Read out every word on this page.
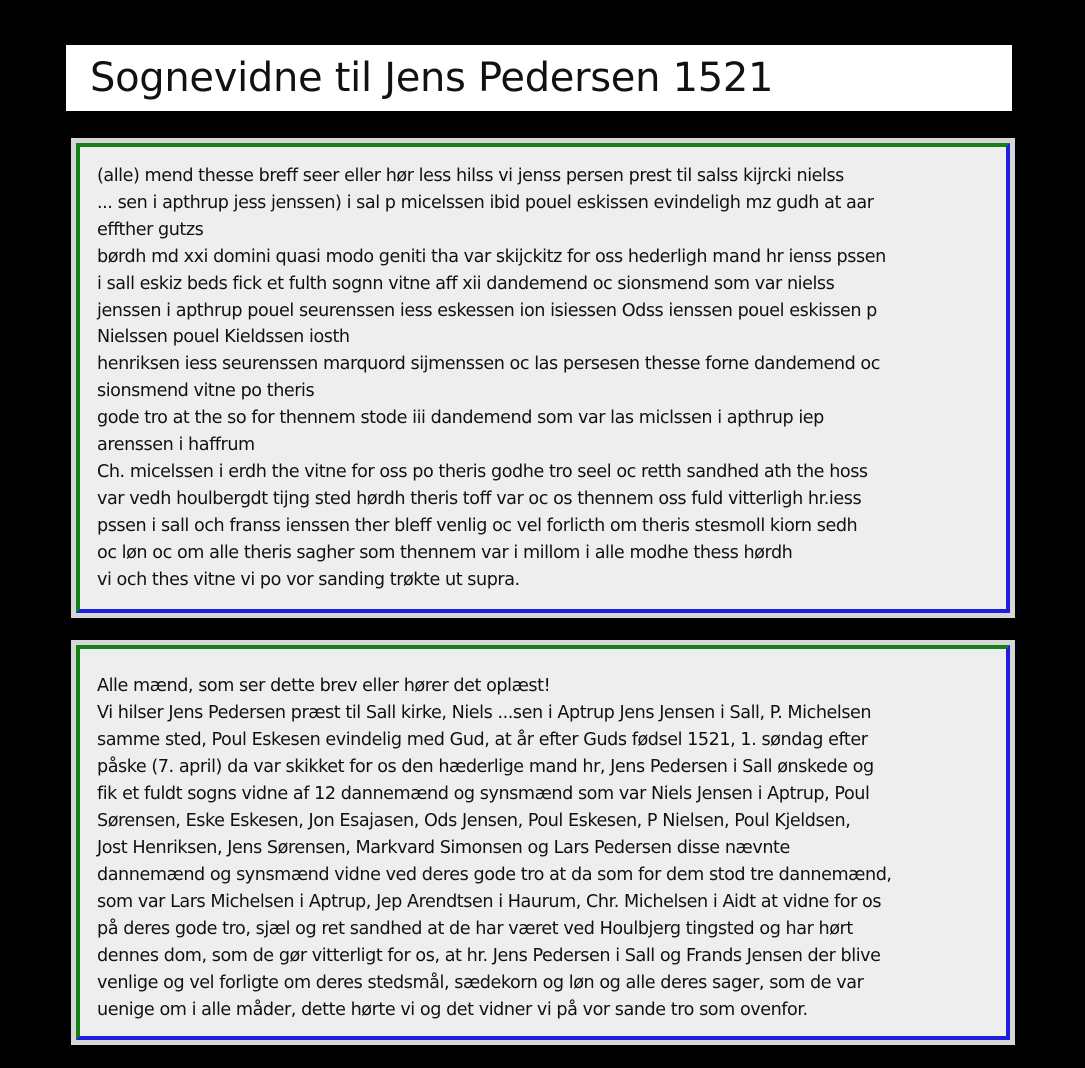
Sognevidne til Jens Pedersen 1521
(alle) mend thesse breff seer eller hør less hilss vi jenss persen prest til salss kijrcki nielss
... sen i apthrup jess jenssen) i sal p micelssen ibid pouel eskissen evindeligh mz gudh at aar
effther gutzs
børdh md xxi domini quasi modo geniti tha var skijckitz for oss hederligh mand hr ienss pssen
i sall eskiz beds fick et fulth sognn vitne aff xii dandemend oc sionsmend som var nielss
jenssen i apthrup pouel seurenssen iess eskessen ion isiessen Odss ienssen pouel eskissen p
Nielssen pouel Kieldssen iosth
henriksen iess seurenssen marquord sijmenssen oc las persesen thesse forne dandemend oc
sionsmend vitne po theris
gode tro at the so for thennem stode iii dandemend som var las miclssen i apthrup iep
arenssen i haffrum
Ch. micelssen i erdh the vitne for oss po theris godhe tro seel oc retth sandhed ath the hoss
var vedh houlbergdt tijng sted hørdh theris toff var oc os thennem oss fuld vitterligh hr.iess
pssen i sall och franss ienssen ther bleff venlig oc vel forlicth om theris stesmoll kiorn sedh
oc løn oc om alle theris sagher som thennem var i millom i alle modhe thess hørdh
vi och thes vitne vi po vor sanding trøkte ut supra.
Alle mænd, som ser dette brev eller hører det oplæst!
Vi hilser Jens Pedersen præst til Sall kirke, Niels ...sen i Aptrup Jens Jensen i Sall, P. Michelsen
samme sted, Poul Eskesen evindelig med Gud, at år efter Guds fødsel 1521, 1. søndag efter
påske (7. april) da var skikket for os den hæderlige mand hr, Jens Pedersen i Sall ønskede og
fik et fuldt sogns vidne af 12 dannemænd og synsmænd som var Niels Jensen i Aptrup, Poul
Sørensen, Eske Eskesen, Jon Esajasen, Ods Jensen, Poul Eskesen, P Nielsen, Poul Kjeldsen,
Jost Henriksen, Jens Sørensen, Markvard Simonsen og Lars Pedersen disse nævnte
dannemænd og synsmænd vidne ved deres gode tro at da som for dem stod tre dannemænd,
som var Lars Michelsen i Aptrup, Jep Arendtsen i Haurum, Chr. Michelsen i Aidt at vidne for os
på deres gode tro, sjæl og ret sandhed at de har været ved Houlbjerg tingsted og har hørt
dennes dom, som de gør vitterligt for os, at hr. Jens Pedersen i Sall og Frands Jensen der blive
venlige og vel forligte om deres stedsmål, sædekorn og løn og alle deres sager, som de var
uenige om i alle måder, dette hørte vi og det vidner vi på vor sande tro som ovenfor.
